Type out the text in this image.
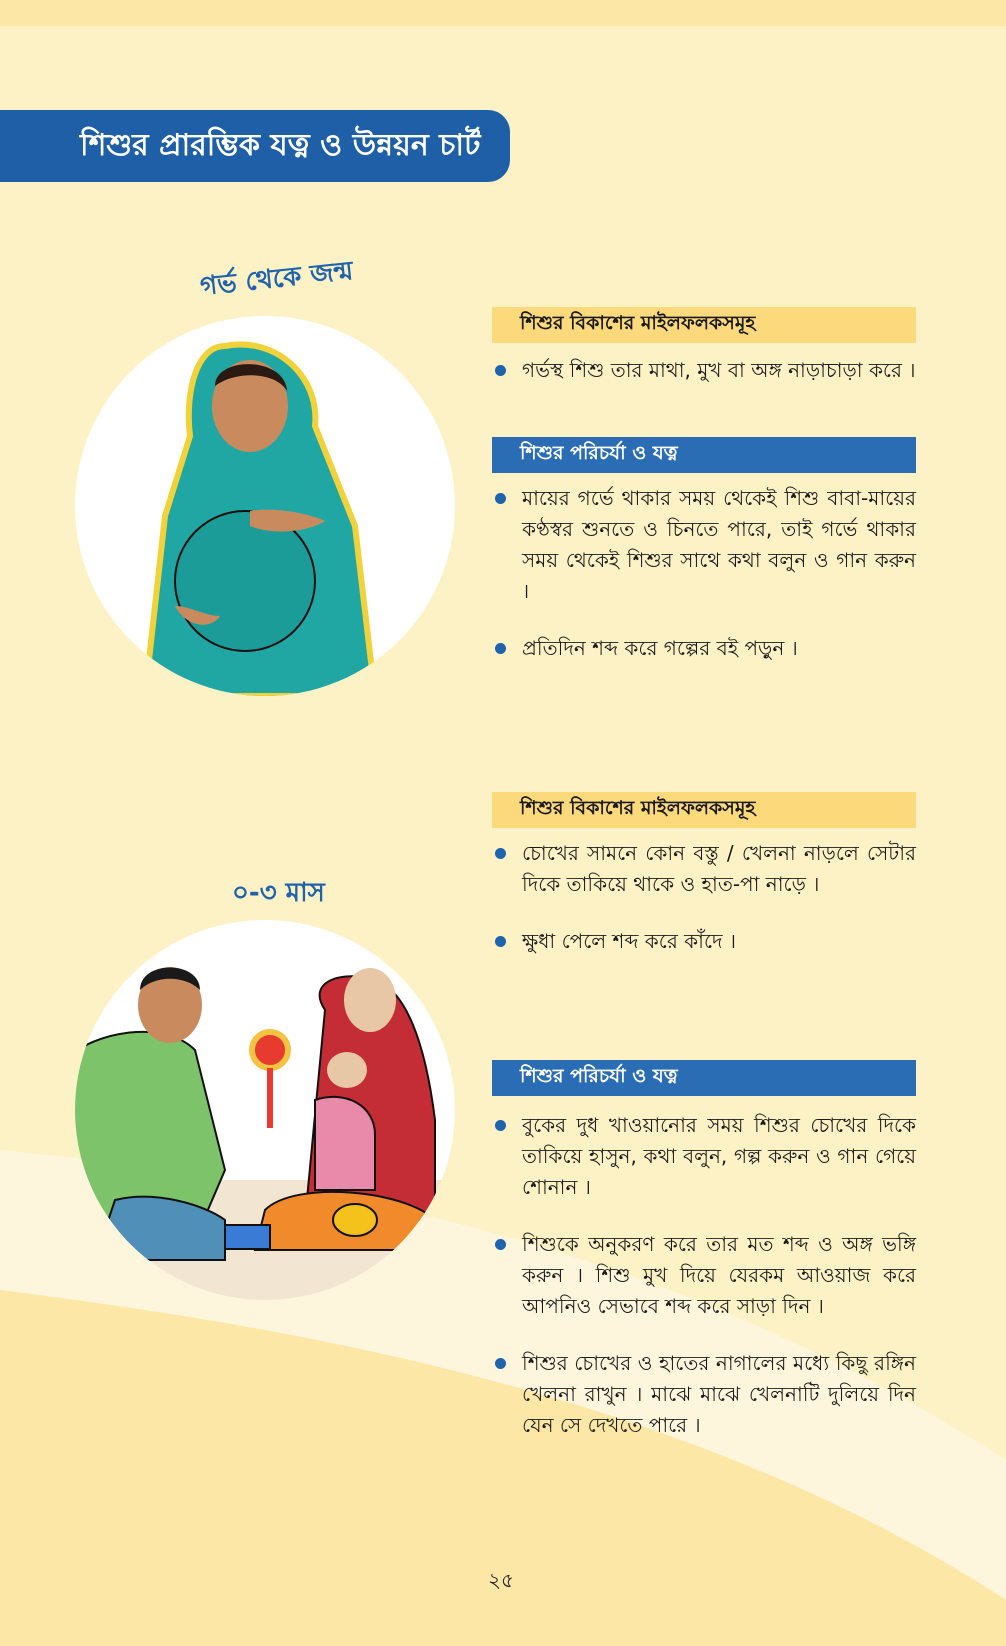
শিশুর প্রারম্ভিক যত্ন ও উন্নয়ন চার্ট
গর্ভ থেকে জন্ম
শিশুর বিকাশের মাইলফলকসমূহ
গর্ভস্থ শিশু তার মাথা, মুখ বা অঙ্গ নাড়াচাড়া করে ।
শিশুর পরিচর্যা ও যত্ন
মায়ের গর্ভে থাকার সময় থেকেই শিশু বাবা-মায়ের কণ্ঠস্বর শুনতে ও চিনতে পারে, তাই গর্ভে থাকার সময় থেকেই শিশুর সাথে কথা বলুন ও গান করুন ।
প্রতিদিন শব্দ করে গল্পের বই পড়ুন ।
০-৩ মাস
শিশুর বিকাশের মাইলফলকসমূহ
চোখের সামনে কোন বস্তু / খেলনা নাড়লে সেটার দিকে তাকিয়ে থাকে ও হাত-পা নাড়ে ।
ক্ষুধা পেলে শব্দ করে কাঁদে ।
শিশুর পরিচর্যা ও যত্ন
বুকের দুধ খাওয়ানোর সময় শিশুর চোখের দিকে তাকিয়ে হাসুন, কথা বলুন, গল্প করুন ও গান গেয়ে শোনান ।
শিশুকে অনুকরণ করে তার মত শব্দ ও অঙ্গ ভঙ্গি করুন । শিশু মুখ দিয়ে যেরকম আওয়াজ করে আপনিও সেভাবে শব্দ করে সাড়া দিন ।
শিশুর চোখের ও হাতের নাগালের মধ্যে কিছু রঙ্গিন খেলনা রাখুন । মাঝে মাঝে খেলনাটি দুলিয়ে দিন যেন সে দেখতে পারে ।
২৫
